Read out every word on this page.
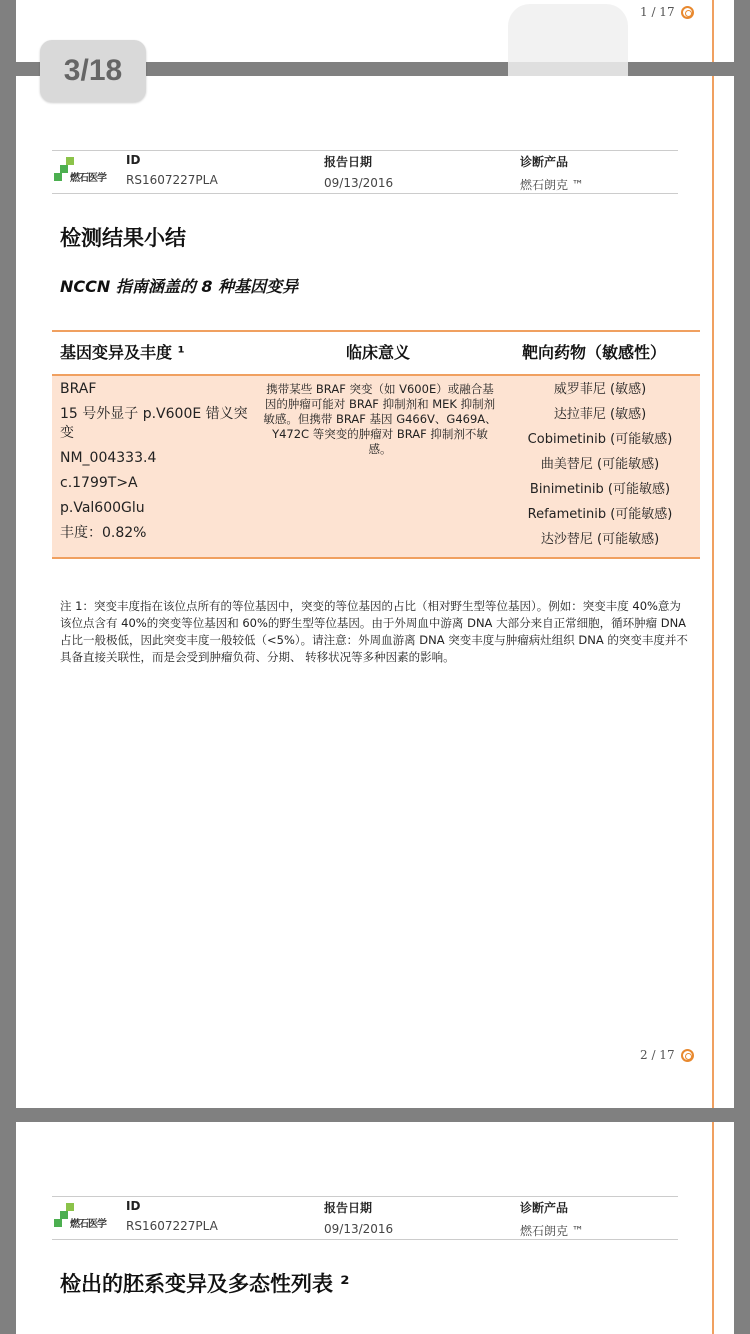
1 / 17
3/18
燃石医学
ID
RS1607227PLA
报告日期
09/13/2016
诊断产品
燃石朗克 ™
检测结果小结
NCCN 指南涵盖的 8 种基因变异
基因变异及丰度 ¹	临床意义	靶向药物（敏感性）
BRAF
15 号外显子 p.V600E 错义突变
NM_004333.4
c.1799T>A
p.Val600Glu
丰度：0.82%
携带某些 BRAF 突变（如 V600E）或融合基因的肿瘤可能对 BRAF 抑制剂和 MEK 抑制剂敏感。但携带 BRAF 基因 G466V、G469A、Y472C 等突变的肿瘤对 BRAF 抑制剂不敏感。
威罗菲尼 (敏感)
达拉菲尼 (敏感)
Cobimetinib (可能敏感)
曲美替尼 (可能敏感)
Binimetinib (可能敏感)
Refametinib (可能敏感)
达沙替尼 (可能敏感)
注 1：突变丰度指在该位点所有的等位基因中，突变的等位基因的占比（相对野生型等位基因）。例如：突变丰度 40%意为该位点含有 40%的突变等位基因和 60%的野生型等位基因。由于外周血中游离 DNA 大部分来自正常细胞，循环肿瘤 DNA 占比一般极低，因此突变丰度一般较低（<5%）。请注意：外周血游离 DNA 突变丰度与肿瘤病灶组织 DNA 的突变丰度并不具备直接关联性，而是会受到肿瘤负荷、分期、 转移状况等多种因素的影响。
2 / 17
燃石医学
ID
RS1607227PLA
报告日期
09/13/2016
诊断产品
燃石朗克 ™
检出的胚系变异及多态性列表 ²
